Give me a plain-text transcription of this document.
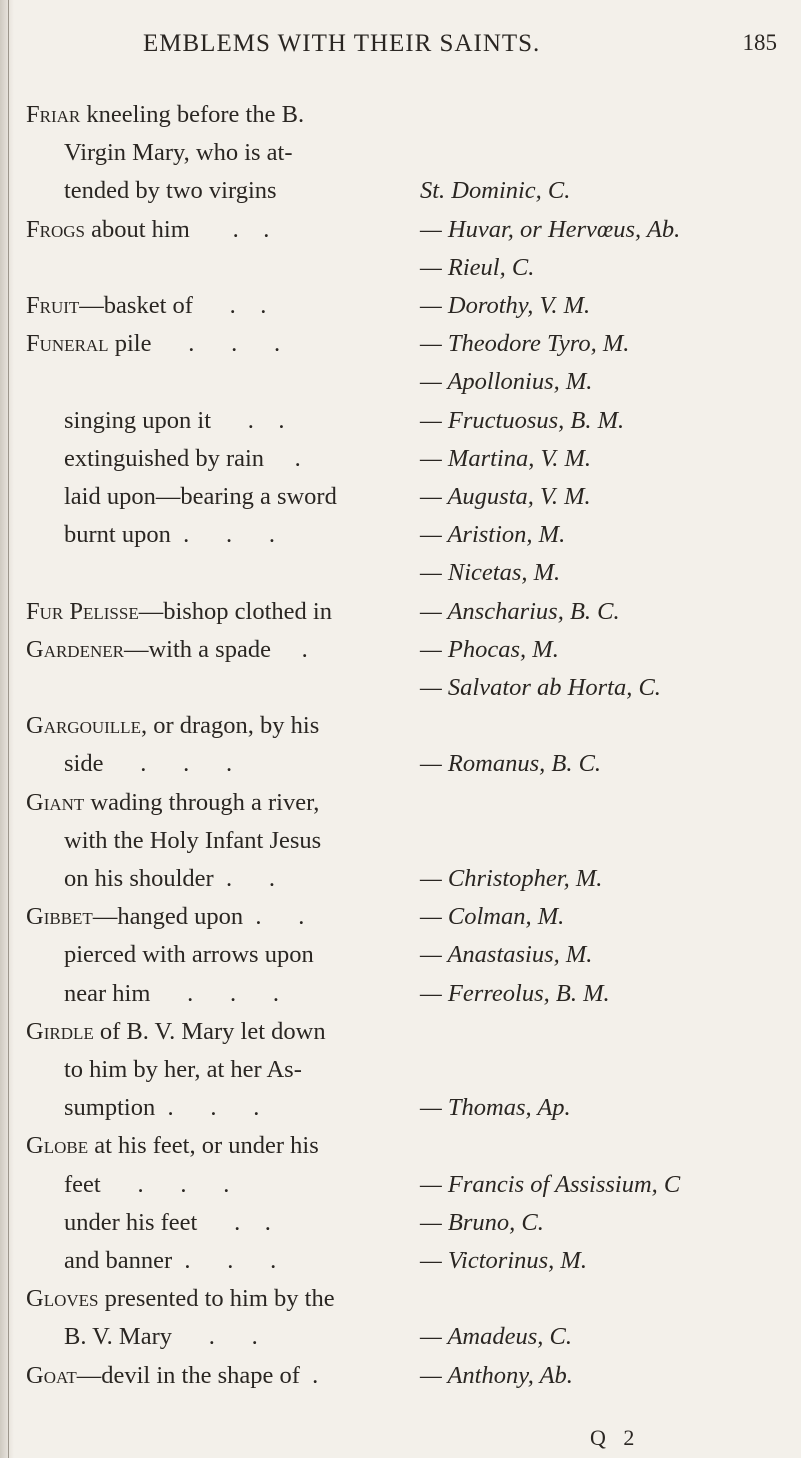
EMBLEMS WITH THEIR SAINTS.	185
Friar kneeling before the B.
Virgin Mary, who is at-
tended by two virgins	St. Dominic, C.
Frogs about him       .    .	— Huvar, or Hervœus, Ab.
— Rieul, C.
Fruit—basket of      .    .	— Dorothy, V. M.
Funeral pile      .      .      .	— Theodore Tyro, M.
— Apollonius, M.
singing upon it      .    .	— Fructuosus, B. M.
extinguished by rain     .	— Martina, V. M.
laid upon—bearing a sword	— Augusta, V. M.
burnt upon  .      .      .	— Aristion, M.
— Nicetas, M.
Fur Pelisse—bishop clothed in	— Anscharius, B. C.
Gardener—with a spade     .	— Phocas, M.
— Salvator ab Horta, C.
Gargouille, or dragon, by his
side      .      .      .	— Romanus, B. C.
Giant wading through a river,
with the Holy Infant Jesus
on his shoulder  .      .	— Christopher, M.
Gibbet—hanged upon  .      .	— Colman, M.
pierced with arrows upon	— Anastasius, M.
near him      .      .      .	— Ferreolus, B. M.
Girdle of B. V. Mary let down
to him by her, at her As-
sumption  .      .      .	— Thomas, Ap.
Globe at his feet, or under his
feet      .      .      .	— Francis of Assissium, C
under his feet      .    .	— Bruno, C.
and banner  .      .      .	— Victorinus, M.
Gloves presented to him by the
B. V. Mary      .      .	— Amadeus, C.
Goat—devil in the shape of  .	— Anthony, Ab.
Q 2
